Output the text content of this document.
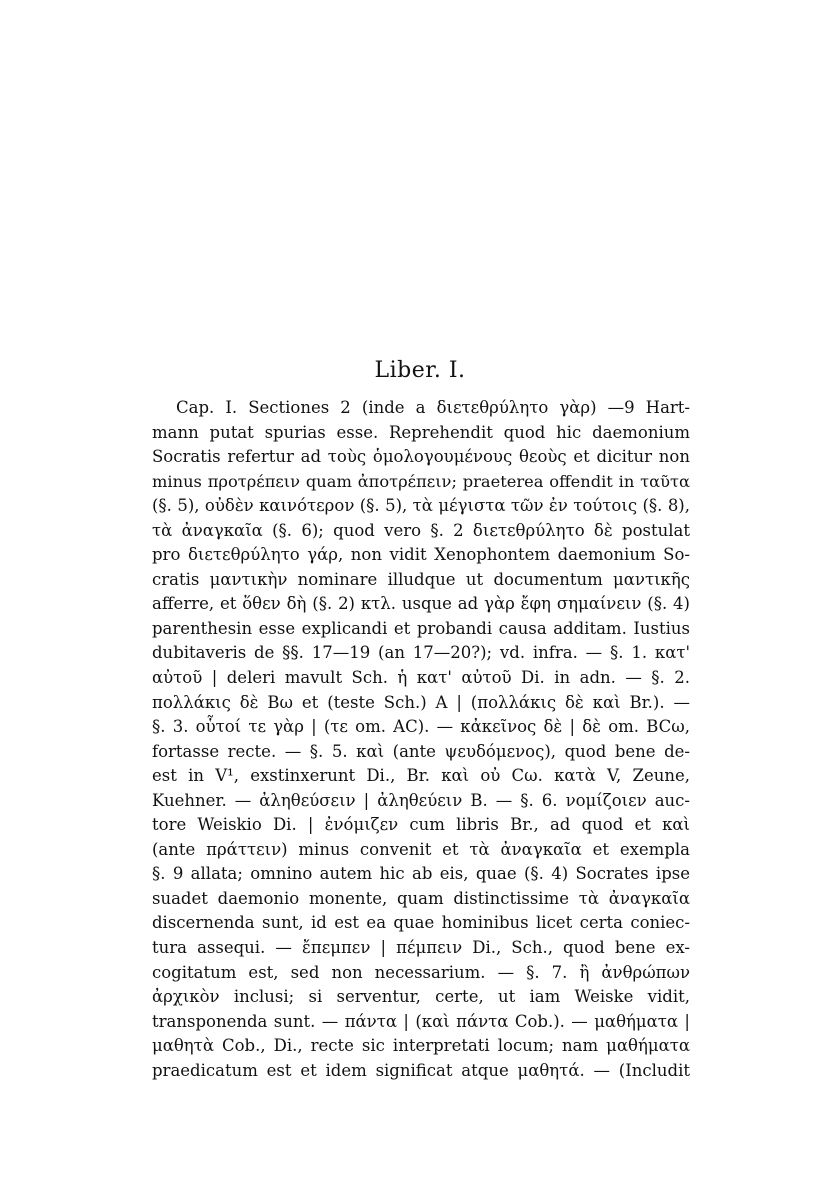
Liber. I.
Cap. I. Sectiones 2 (inde a διετεθρύλητο γὰρ) —9 Hart-
mann putat spurias esse. Reprehendit quod hic daemonium
Socratis refertur ad τοὺς ὁμολογουμένους θεοὺς et dicitur non
minus προτρέπειν quam ἀποτρέπειν; praeterea offendit in ταῦτα
(§. 5), οὐδὲν καινότερον (§. 5), τὰ μέγιστα τῶν ἐν τούτοις (§. 8),
τὰ ἀναγκαῖα (§. 6); quod vero §. 2 διετεθρύλητο δὲ postulat
pro διετεθρύλητο γάρ, non vidit Xenophontem daemonium So-
cratis μαντικὴν nominare illudque ut documentum μαντικῆς
afferre, et ὅθεν δὴ (§. 2) κτλ. usque ad γὰρ ἔφη σημαίνειν (§. 4)
parenthesin esse explicandi et probandi causa additam. Iustius
dubitaveris de §§. 17—19 (an 17—20?); vd. infra. — §. 1. κατ'
αὐτοῦ | deleri mavult Sch. ἡ κατ' αὐτοῦ Di. in adn. — §. 2.
πολλάκις δὲ Bω et (teste Sch.) A | (πολλάκις δὲ καὶ Br.). —
§. 3. οὗτοί τε γὰρ | (τε om. AC). — κἀκεῖνος δὲ | δὲ om. BCω,
fortasse recte. — §. 5. καὶ (ante ψευδόμενος), quod bene de-
est in V¹, exstinxerunt Di., Br. καὶ οὐ Cω. κατὰ V, Zeune,
Kuehner. — ἀληθεύσειν | ἀληθεύειν B. — §. 6. νομίζοιεν auc-
tore Weiskio Di. | ἐνόμιζεν cum libris Br., ad quod et καὶ
(ante πράττειν) minus convenit et τὰ ἀναγκαῖα et exempla
§. 9 allata; omnino autem hic ab eis, quae (§. 4) Socrates ipse
suadet daemonio monente, quam distinctissime τὰ ἀναγκαῖα
discernenda sunt, id est ea quae hominibus licet certa coniec-
tura assequi. — ἔπεμπεν | πέμπειν Di., Sch., quod bene ex-
cogitatum est, sed non necessarium. — §. 7. ἢ ἀνθρώπων
ἀρχικὸν inclusi; si serventur, certe, ut iam Weiske vidit,
transponenda sunt. — πάντα | (καὶ πάντα Cob.). — μαθήματα |
μαθητὰ Cob., Di., recte sic interpretati locum; nam μαθήματα
praedicatum est et idem significat atque μαθητά. — (Includit
